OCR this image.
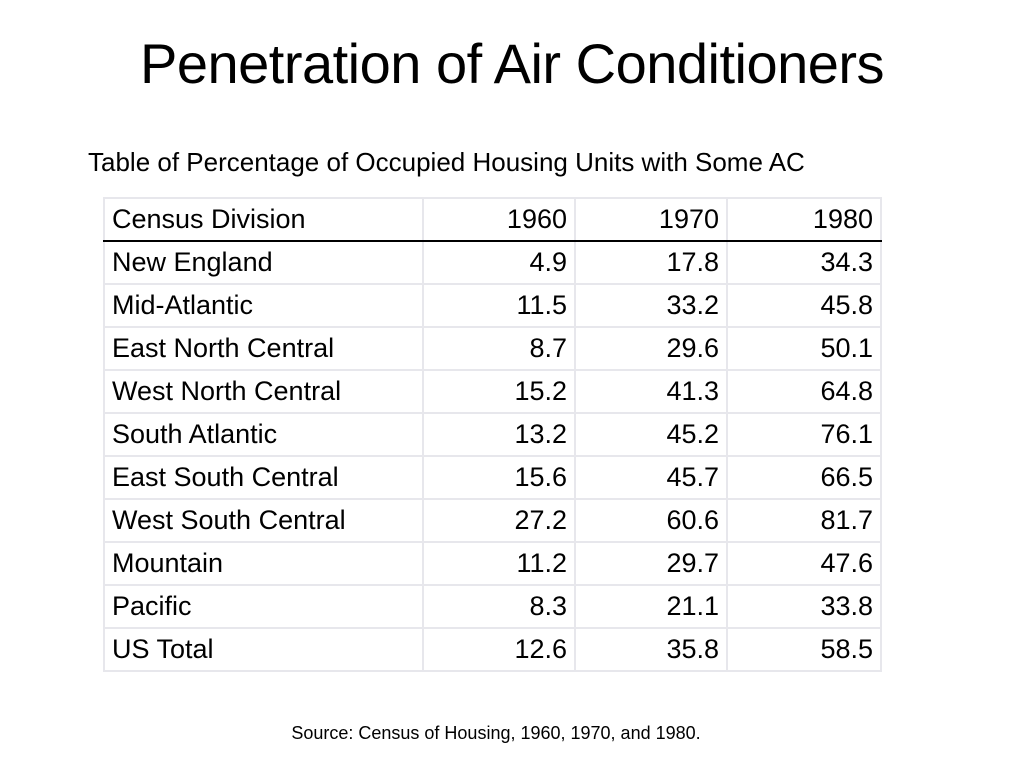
Penetration of Air Conditioners
Table of Percentage of Occupied Housing Units with Some AC
Census Division	1960	1970	1980
New England	4.9	17.8	34.3
Mid-Atlantic	11.5	33.2	45.8
East North Central	8.7	29.6	50.1
West North Central	15.2	41.3	64.8
South Atlantic	13.2	45.2	76.1
East South Central	15.6	45.7	66.5
West South Central	27.2	60.6	81.7
Mountain	11.2	29.7	47.6
Pacific	8.3	21.1	33.8
US Total	12.6	35.8	58.5
Source: Census of Housing, 1960, 1970, and 1980.
